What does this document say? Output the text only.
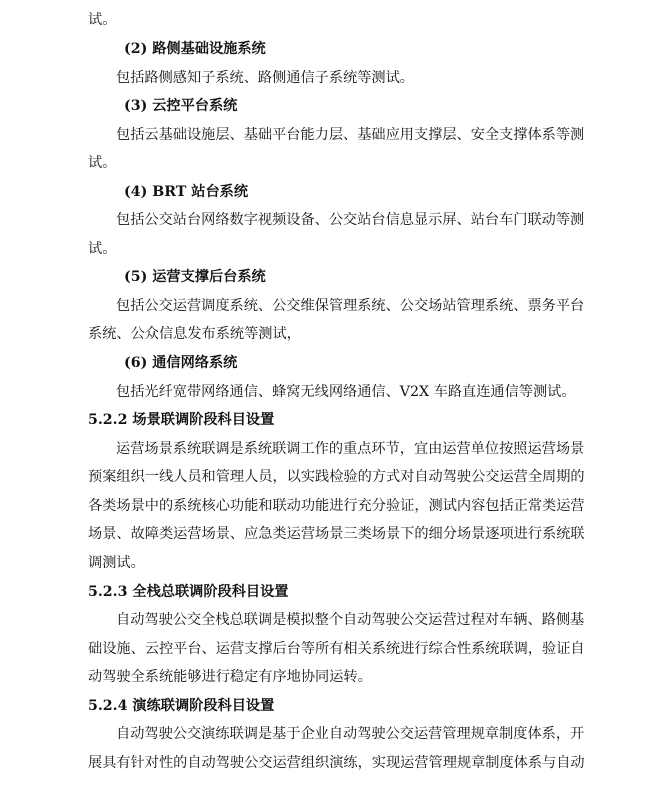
试。
(2) 路侧基础设施系统
包括路侧感知子系统、路侧通信子系统等测试。
(3) 云控平台系统
包括云基础设施层、基础平台能力层、基础应用支撑层、安全支撑体系等测
试。
(4) BRT 站台系统
包括公交站台网络数字视频设备、公交站台信息显示屏、站台车门联动等测
试。
(5) 运营支撑后台系统
包括公交运营调度系统、公交维保管理系统、公交场站管理系统、票务平台
系统、公众信息发布系统等测试，
(6) 通信网络系统
包括光纤宽带网络通信、蜂窝无线网络通信、V2X 车路直连通信等测试。
5.2.2 场景联调阶段科目设置
运营场景系统联调是系统联调工作的重点环节，宜由运营单位按照运营场景
预案组织一线人员和管理人员，以实践检验的方式对自动驾驶公交运营全周期的
各类场景中的系统核心功能和联动功能进行充分验证，测试内容包括正常类运营
场景、故障类运营场景、应急类运营场景三类场景下的细分场景逐项进行系统联
调测试。
5.2.3 全栈总联调阶段科目设置
自动驾驶公交全栈总联调是模拟整个自动驾驶公交运营过程对车辆、路侧基
础设施、云控平台、运营支撑后台等所有相关系统进行综合性系统联调，验证自
动驾驶全系统能够进行稳定有序地协同运转。
5.2.4 演练联调阶段科目设置
自动驾驶公交演练联调是基于企业自动驾驶公交运营管理规章制度体系，开
展具有针对性的自动驾驶公交运营组织演练，实现运营管理规章制度体系与自动
